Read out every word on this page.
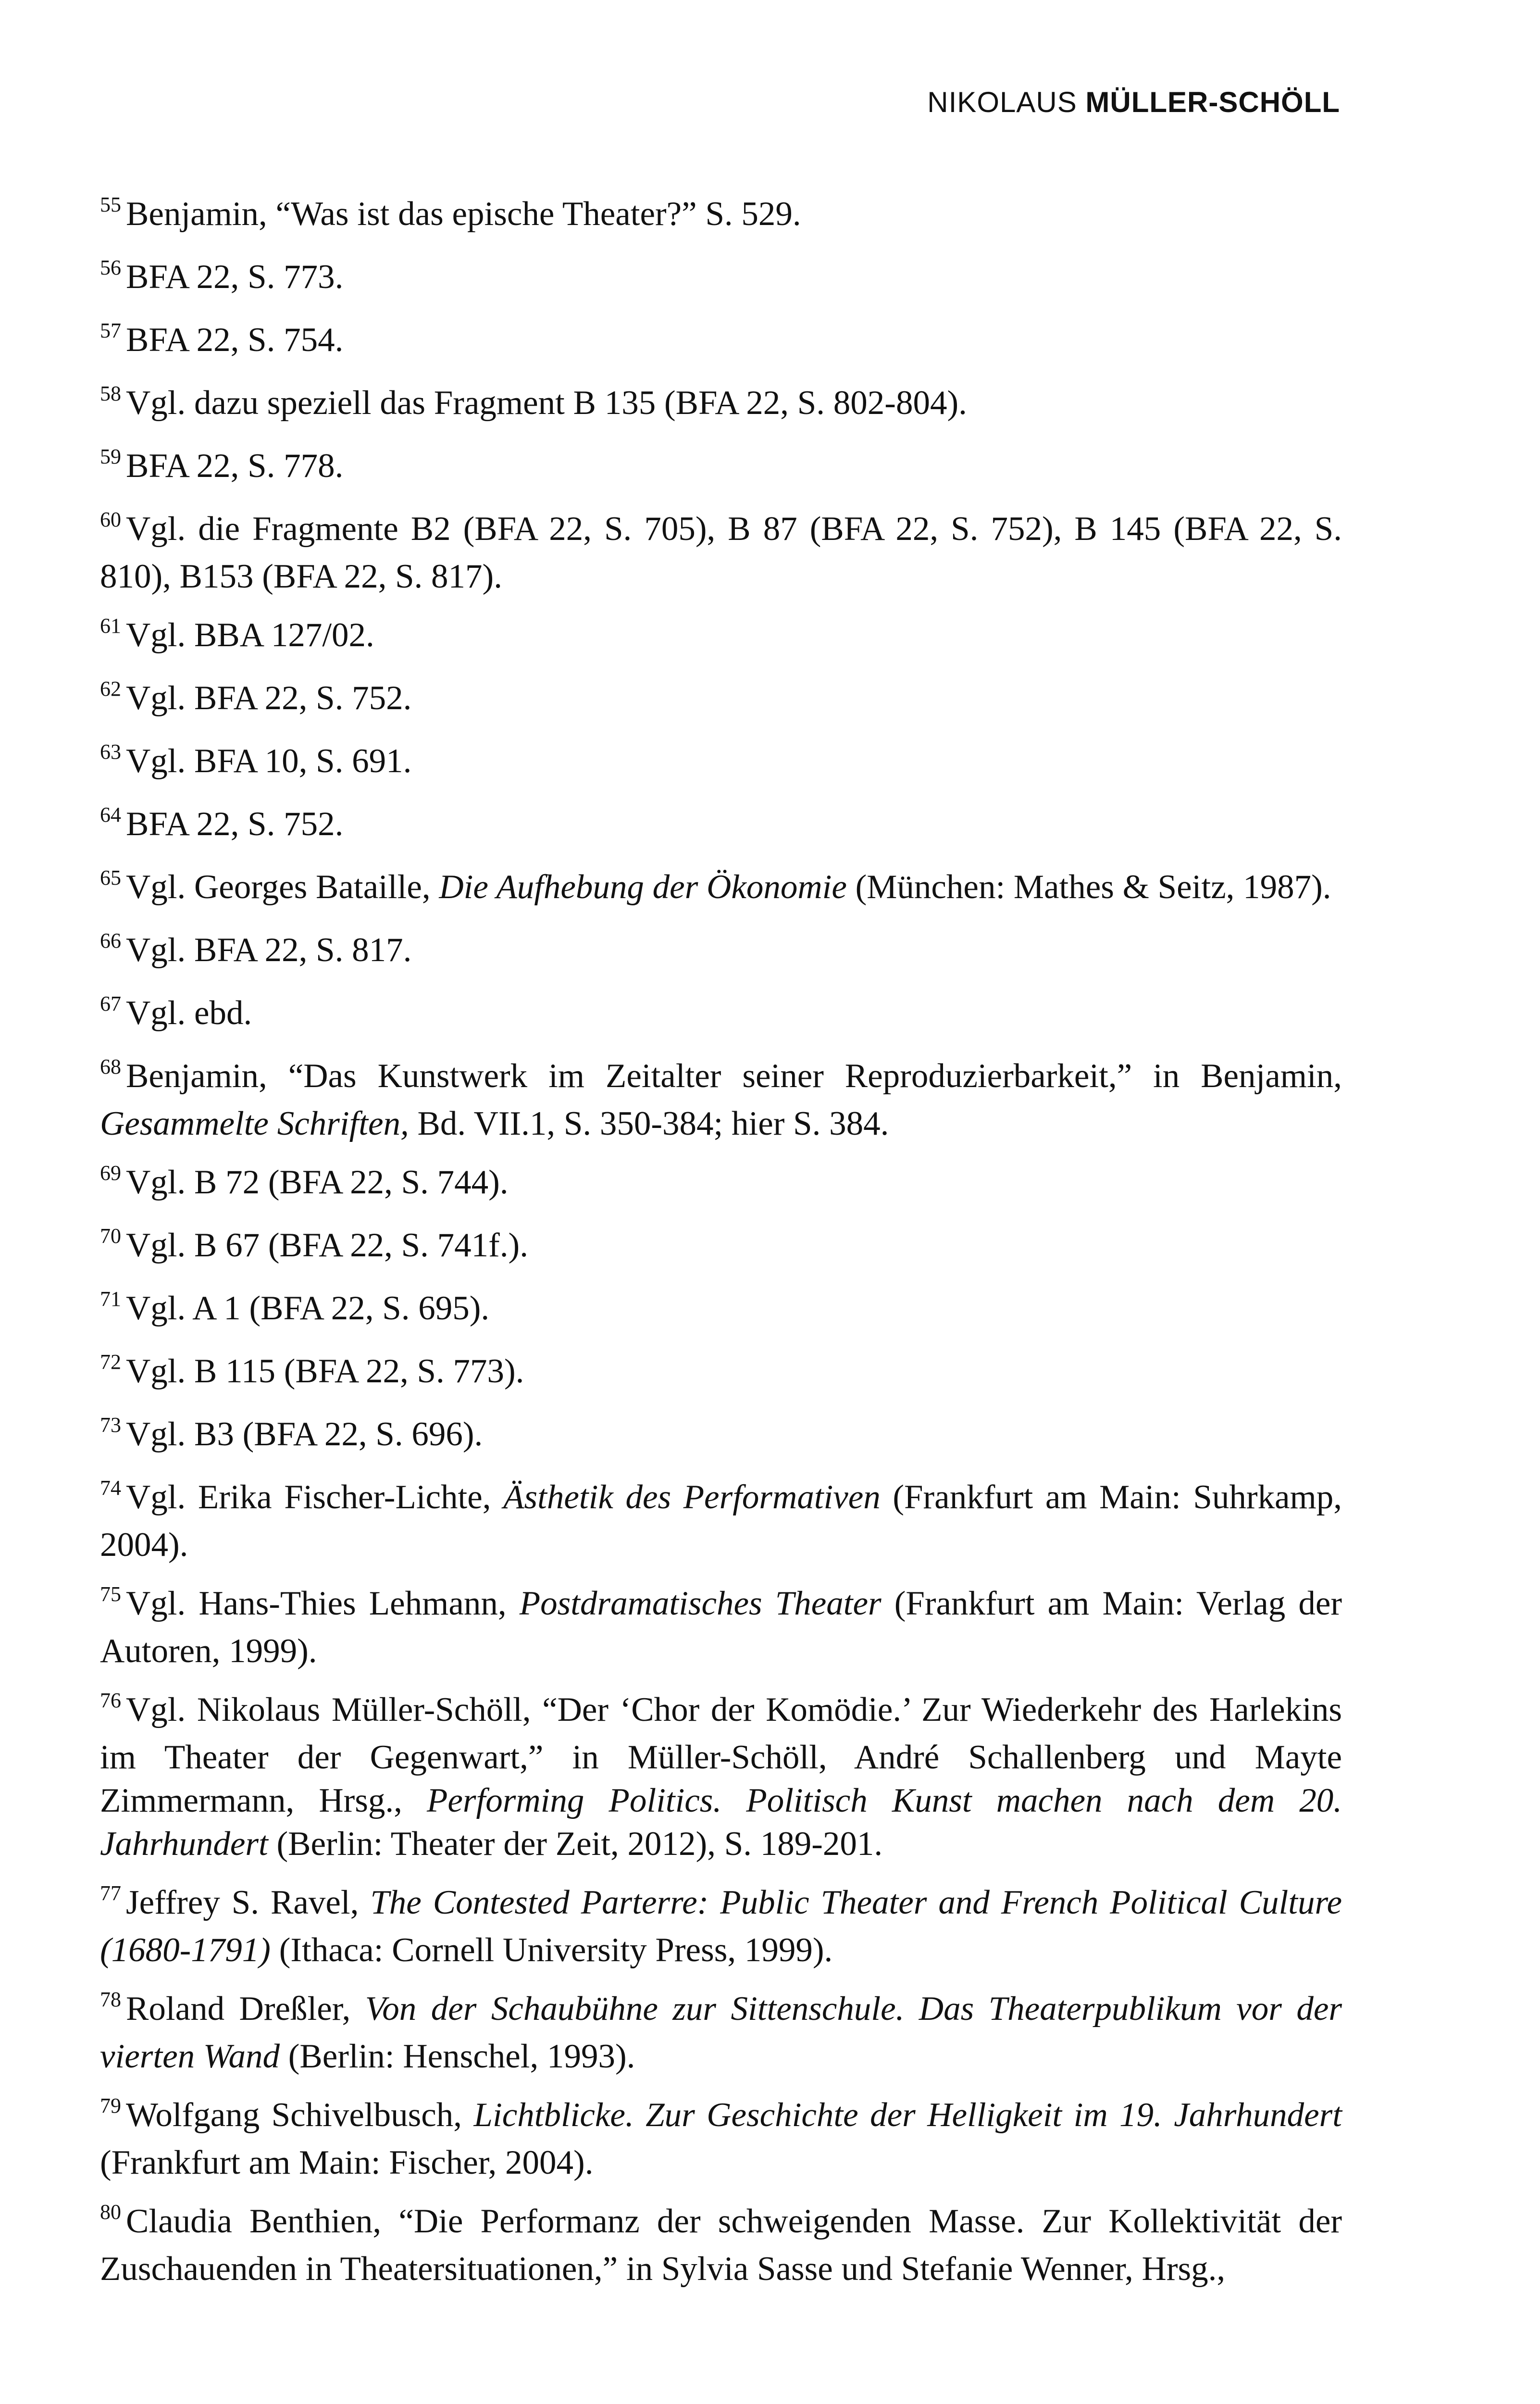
NIKOLAUS MÜLLER-SCHÖLL

$^{55}$ Benjamin, “Was ist das epische Theater?” S. 529.

$^{56}$ BFA 22, S. 773.

$^{57}$ BFA 22, S. 754.

$^{58}$ Vgl. dazu speziell das Fragment B 135 (BFA 22, S. 802-804).

$^{59}$ BFA 22, S. 778.

$^{60}$ Vgl. die Fragmente B2 (BFA 22, S. 705), B 87 (BFA 22, S. 752), B 145 (BFA 22, S. 810), B153 (BFA 22, S. 817).

$^{61}$ Vgl. BBA 127/02.

$^{62}$ Vgl. BFA 22, S. 752.

$^{63}$ Vgl. BFA 10, S. 691.

$^{64}$ BFA 22, S. 752.

$^{65}$ Vgl. Georges Bataille, Die Aufhebung der Ökonomie (München: Mathes & Seitz, 1987).

$^{66}$ Vgl. BFA 22, S. 817.

$^{67}$ Vgl. ebd.

$^{68}$ Benjamin, “Das Kunstwerk im Zeitalter seiner Reproduzierbarkeit,” in Benjamin, Gesammelte Schriften, Bd. VII.1, S. 350-384; hier S. 384.

$^{69}$ Vgl. B 72 (BFA 22, S. 744).

$^{70}$ Vgl. B 67 (BFA 22, S. 741f.).

$^{71}$ Vgl. A 1 (BFA 22, S. 695).

$^{72}$ Vgl. B 115 (BFA 22, S. 773).

$^{73}$ Vgl. B3 (BFA 22, S. 696).

$^{74}$ Vgl. Erika Fischer-Lichte, Ästhetik des Performativen (Frankfurt am Main: Suhrkamp, 2004).

$^{75}$ Vgl. Hans-Thies Lehmann, Postdramatisches Theater (Frankfurt am Main: Verlag der Autoren, 1999).

$^{76}$ Vgl. Nikolaus Müller-Schöll, “Der ‘Chor der Komödie.’ Zur Wiederkehr des Harlekins im Theater der Gegenwart,” in Müller-Schöll, André Schallenberg und Mayte Zimmermann, Hrsg., Performing Politics. Politisch Kunst machen nach dem 20. Jahrhundert (Berlin: Theater der Zeit, 2012), S. 189-201.

$^{77}$ Jeffrey S. Ravel, The Contested Parterre: Public Theater and French Political Culture (1680-1791) (Ithaca: Cornell University Press, 1999).

$^{78}$ Roland Dreßler, Von der Schaubühne zur Sittenschule. Das Theaterpublikum vor der vierten Wand (Berlin: Henschel, 1993).

$^{79}$ Wolfgang Schivelbusch, Lichtblicke. Zur Geschichte der Helligkeit im 19. Jahrhundert (Frankfurt am Main: Fischer, 2004).

$^{80}$ Claudia Benthien, “Die Performanz der schweigenden Masse. Zur Kollektivität der Zuschauenden in Theatersituationen,” in Sylvia Sasse und Stefanie Wenner, Hrsg.,
